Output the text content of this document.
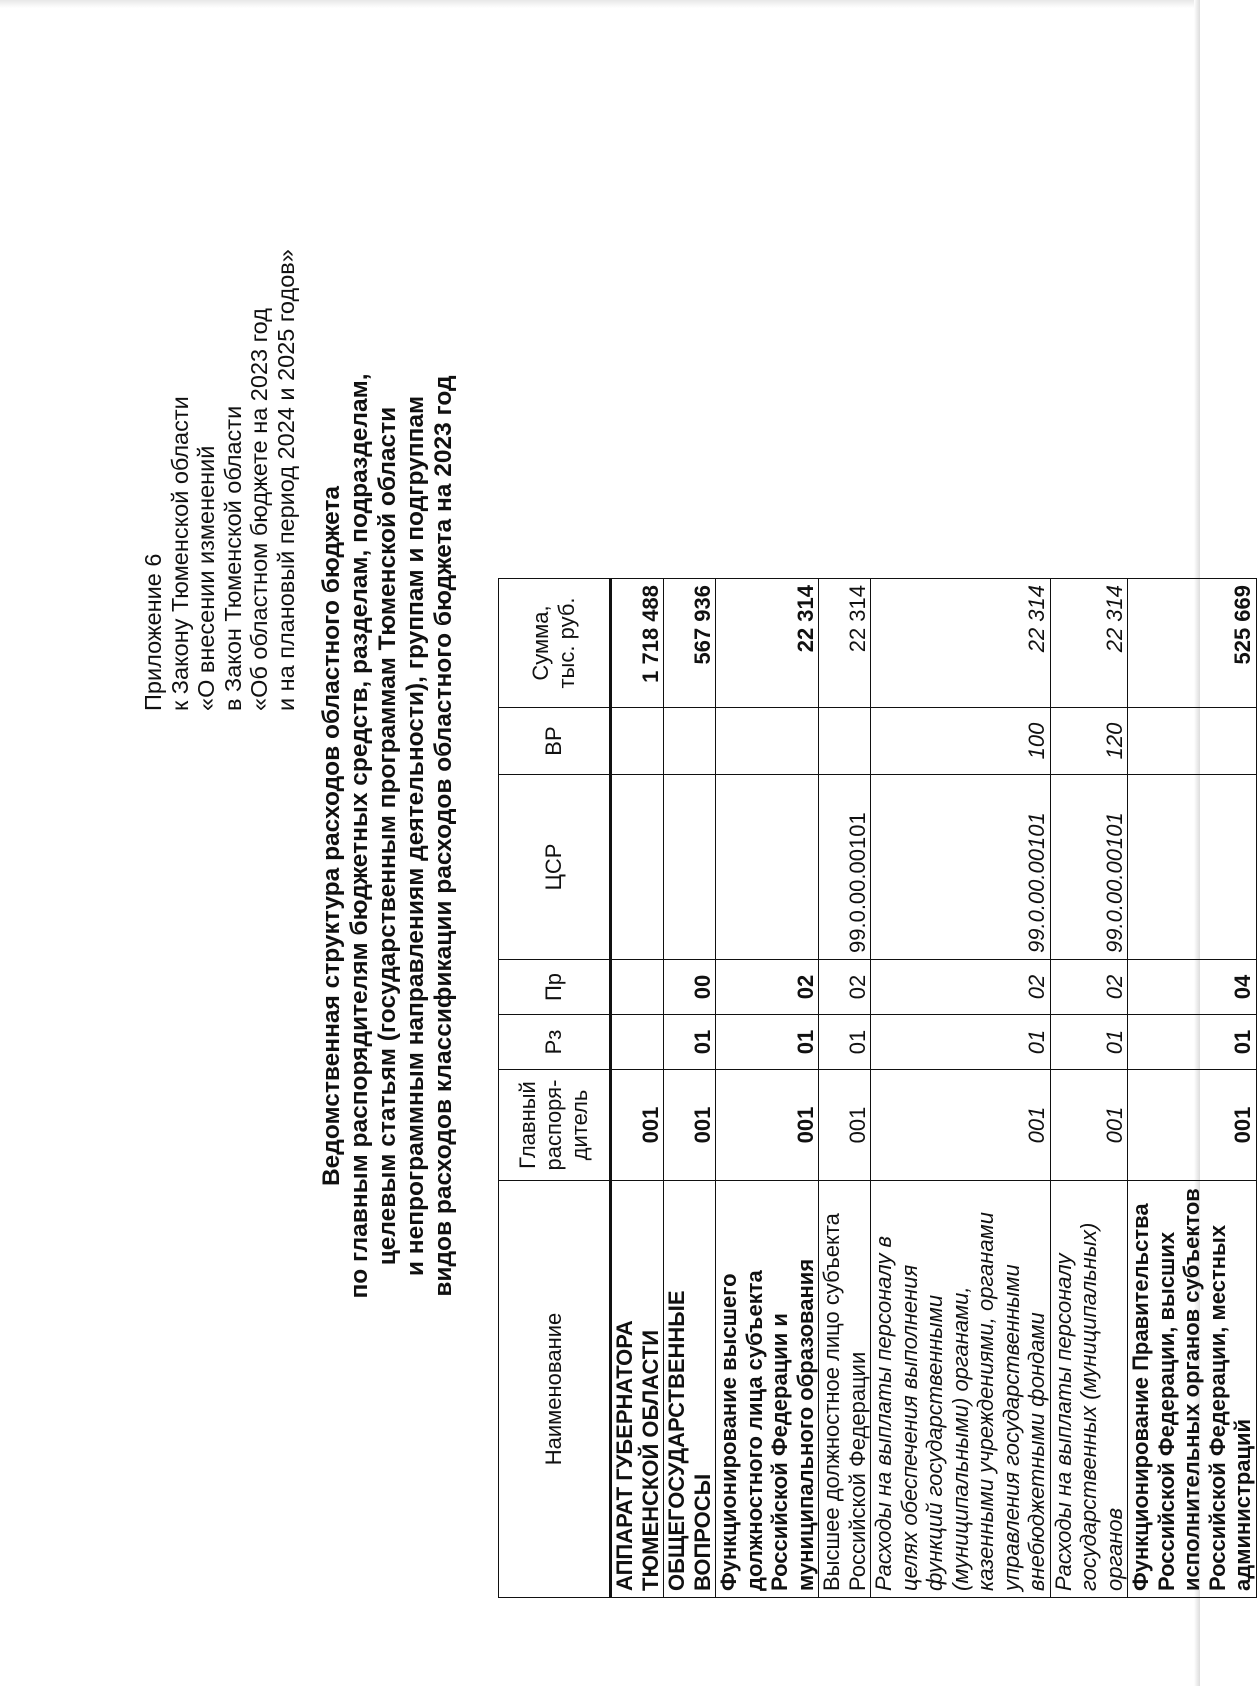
Приложение 6 к Закону Тюменской области «О внесении изменений в Закон Тюменской области «Об областном бюджете на 2023 год и на плановый период 2024 и 2025 годов»
Ведомственная структура расходов областного бюджета по главным распорядителям бюджетных средств, разделам, подразделам, целевым статьям (государственным программам Тюменской области и непрограммным направлениям деятельности), группам и подгруппам видов расходов классификации расходов областного бюджета на 2023 год
Наименование	Главный
распоря-
дитель	Рз	Пр	ЦСР	ВР	Сумма,
тыс. руб.
АППАРАТ ГУБЕРНАТОРА ТЮМЕНСКОЙ ОБЛАСТИ	001					1 718 488
ОБЩЕГОСУДАРСТВЕННЫЕ ВОПРОСЫ	001	01	00			567 936
Функционирование высшего должностного лица субъекта Российской Федерации и муниципального образования	001	01	02			22 314
Высшее должностное лицо субъекта Российской Федерации	001	01	02	99.0.00.00101		22 314
Расходы на выплаты персоналу в целях обеспечения выполнения функций государственными (муниципальными) органами, казенными учреждениями, органами управления государственными внебюджетными фондами	001	01	02	99.0.00.00101	100	22 314
Расходы на выплаты персоналу государственных (муниципальных) органов	001	01	02	99.0.00.00101	120	22 314
Функционирование Правительства Российской Федерации, высших исполнительных органов субъектов Российской Федерации, местных администраций	001	01	04			525 669
